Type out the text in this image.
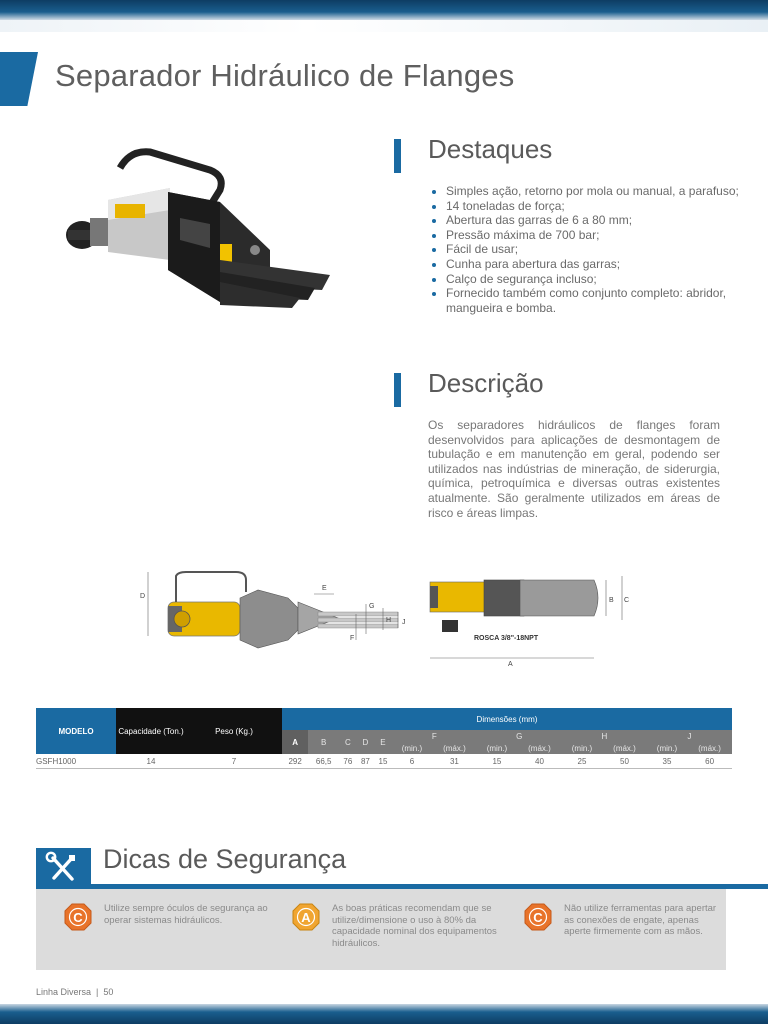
Separador Hidráulico de Flanges
Destaques
• Simples ação, retorno por mola ou manual, a parafuso;
• 14 toneladas de força;
• Abertura das garras de 6 a 80 mm;
• Pressão máxima de 700 bar;
• Fácil de usar;
• Cunha para abertura das garras;
• Calço de segurança incluso;
• Fornecido também como conjunto completo: abridor, mangueira e bomba.
Descrição

Os separadores hidráulicos de flanges foram desenvolvidos para aplicações de desmontagem de tubulação e em manutenção em geral, podendo ser utilizados nas indústrias de mineração, de siderurgia, química, petroquímica e diversas outras existentes atualmente. São geralmente utilizados em áreas de risco e áreas limpas.

D
E
G
H
F
J
B C
A
ROSCA 3/8"-18NPT
MODELO	Capacidade (Ton.)	Peso (Kg.)	Dimensões (mm)												
			A	B	C	D	E	F		G		H		J	
								(min.)	(máx.)	(min.)	(máx.)	(min.)	(máx.)	(min.)	(máx.)
GSFH1000	14	7	292	66,5	76	87	15	6	31	15	40	25	50	35	60
Dicas de Segurança
C
Utilize sempre óculos de segurança ao operar sistemas hidráulicos.	A
As boas práticas recomendam que se utilize/dimensione o uso à 80% da capacidade nominal dos equipamentos hidráulicos.
C
Não utilize ferramentas para apertar as conexões de engate, apenas aperte firmemente com as mãos.
Linha Diversa  |  50
